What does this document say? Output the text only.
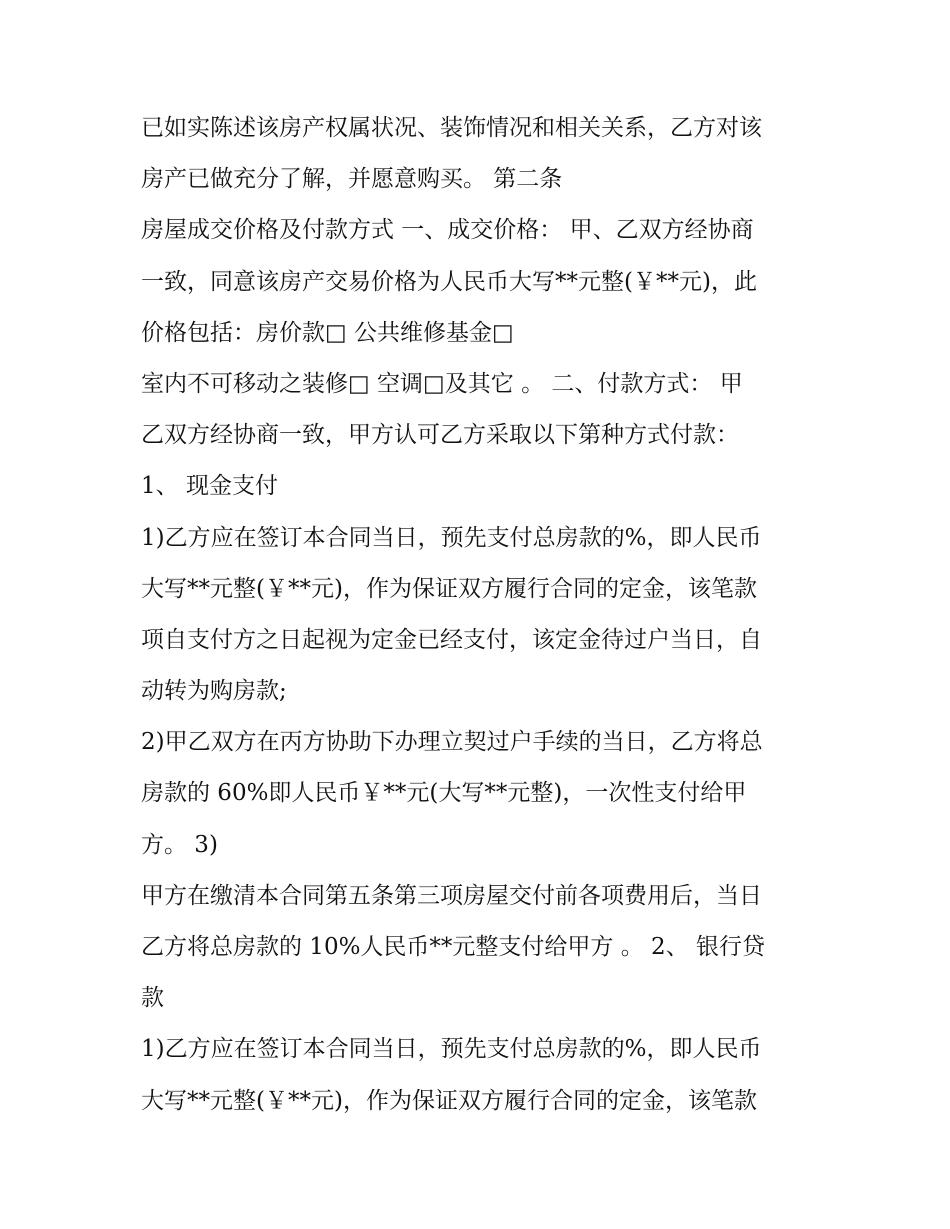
已如实陈述该房产权属状况、装饰情况和相关关系，乙方对该
房产已做充分了解，并愿意购买。 第二条
房屋成交价格及付款方式 一、成交价格： 甲、乙双方经协商
一致，同意该房产交易价格为人民币大写**元整(￥**元)，此
价格包括：房价款□ 公共维修基金□
室内不可移动之装修□ 空调□及其它 。 二、付款方式： 甲
乙双方经协商一致，甲方认可乙方采取以下第种方式付款：
1、 现金支付
1)乙方应在签订本合同当日，预先支付总房款的%，即人民币
大写**元整(￥**元)，作为保证双方履行合同的定金，该笔款
项自支付方之日起视为定金已经支付，该定金待过户当日，自
动转为购房款;
2)甲乙双方在丙方协助下办理立契过户手续的当日，乙方将总
房款的 60%即人民币￥**元(大写**元整)，一次性支付给甲
方。 3)
甲方在缴清本合同第五条第三项房屋交付前各项费用后，当日
乙方将总房款的 10%人民币**元整支付给甲方 。 2、 银行贷
款
1)乙方应在签订本合同当日，预先支付总房款的%，即人民币
大写**元整(￥**元)，作为保证双方履行合同的定金，该笔款
